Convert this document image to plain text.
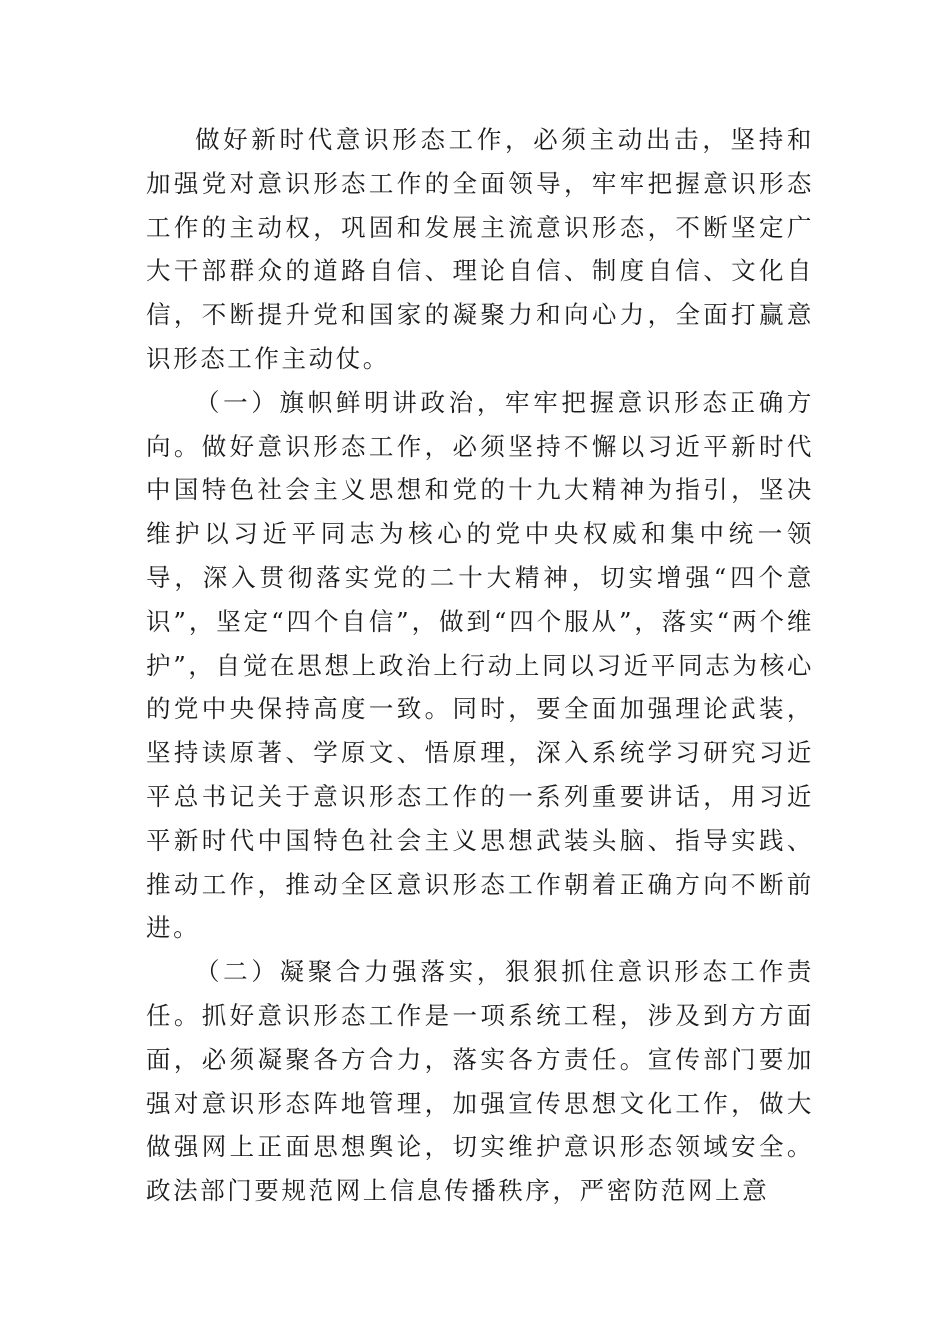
做好新时代意识形态工作，必须主动出击，坚持和加强党对意识形态工作的全面领导，牢牢把握意识形态工作的主动权，巩固和发展主流意识形态，不断坚定广大干部群众的道路自信、理论自信、制度自信、文化自信，不断提升党和国家的凝聚力和向心力，全面打赢意识形态工作主动仗。

（一）旗帜鲜明讲政治，牢牢把握意识形态正确方向。做好意识形态工作，必须坚持不懈以习近平新时代中国特色社会主义思想和党的十九大精神为指引，坚决维护以习近平同志为核心的党中央权威和集中统一领导，深入贯彻落实党的二十大精神，切实增强“四个意识”，坚定“四个自信”，做到“四个服从”，落实“两个维护”，自觉在思想上政治上行动上同以习近平同志为核心的党中央保持高度一致。同时，要全面加强理论武装，坚持读原著、学原文、悟原理，深入系统学习研究习近平总书记关于意识形态工作的一系列重要讲话，用习近平新时代中国特色社会主义思想武装头脑、指导实践、推动工作，推动全区意识形态工作朝着正确方向不断前进。

（二）凝聚合力强落实，狠狠抓住意识形态工作责任。抓好意识形态工作是一项系统工程，涉及到方方面面，必须凝聚各方合力，落实各方责任。宣传部门要加强对意识形态阵地管理，加强宣传思想文化工作，做大做强网上正面思想舆论，切实维护意识形态领域安全。政法部门要规范网上信息传播秩序，严密防范网上意
